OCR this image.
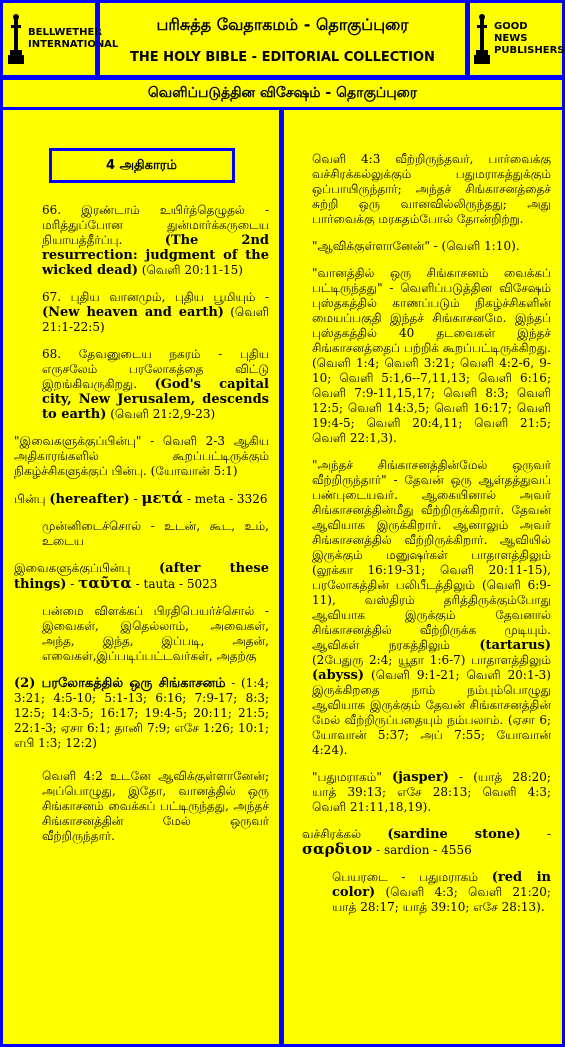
BELLWETHER INTERNATIONAL
பரிசுத்த வேதாகமம் - தொகுப்புரை
THE HOLY BIBLE - EDITORIAL COLLECTION
GOOD NEWS PUBLISHERS
வெளிப்படுத்தின விசேஷம் - தொகுப்புரை
4 அதிகாரம்

66. இரண்டாம் உயிர்த்தெழுதல் - மரித்துப்போன துன்மார்க்கருடைய நியாயத்தீர்ப்பு.	(The 2nd resurrection: judgment of the wicked dead) (வெளி 20:11-15)

67. புதிய வானமும், புதிய பூமியும் - (New heaven and earth) (வெளி 21:1-22:5)

68. தேவனுடைய நகரம் - புதிய எருசலேம் பரலோகத்தை விட்டு இறங்கிவருகிறது. (God's capital city, New Jerusalem, descends to earth) (வெளி 21:2,9-23)

"இவைகளுக்குப்பின்பு" - வெளி 2-3 ஆகிய அதிகாரங்களில் கூறப்பட்டிருக்கும் நிகழ்ச்சிகளுக்குப் பின்பு. (யோவான் 5:1)

பின்பு (hereafter) - μετά - meta - 3326

முன்னிடைச்சொல் - உடன், கூட, உம், உடைய

இவைகளுக்குப்பின்பு (after these things) - ταῦτα - tauta - 5023

பன்மை விளக்கப் பிரதிபெயர்ச்சொல் - இவைகள், இதெல்லாம், அவைகள், அந்த, இந்த, இப்படி, அதன், எவைகள்,இப்படிப்பட்டவர்கள், அதற்கு

(2) பரலோகத்தில் ஒரு சிங்காசனம் - (1:4; 3:21; 4:5-10; 5:1-13; 6:16; 7:9-17; 8:3; 12:5; 14:3-5; 16:17; 19:4-5; 20:11; 21:5; 22:1-3; ஏசா 6:1; தானி 7:9; எசே 1:26; 10:1; எபி 1:3; 12:2)

வெளி 4:2 உடனே ஆவிக்குள்ளானேன்; அப்பொழுது, இதோ, வானத்தில் ஒரு சிங்காசனம் வைக்கப் பட்டிருந்தது, அந்தச் சிங்காசனத்தின் மேல் ஒருவர் வீற்றிருந்தார்.

வெளி 4:3 வீற்றிருந்தவர், பார்வைக்கு வச்சிரக்கல்லுக்கும் பதுமராகத்துக்கும் ஒப்பாயிருந்தார்; அந்தச் சிங்காசனத்தைச் சுற்றி ஒரு வானவில்லிருந்தது; அது பார்வைக்கு மரகதம்போல் தோன்றிற்று.

"ஆவிக்குள்ளானேன்" - (வெளி 1:10).

"வானத்தில் ஒரு சிங்காசனம் வைக்கப் பட்டிருந்தது" - வெளிப்படுத்தின விசேஷம் புஸ்தகத்தில் காணப்படும் நிகழ்ச்சிகளின் மையப்பகுதி இந்தச் சிங்காசனமே. இந்தப் புஸ்தகத்தில் 40 தடவைகள் இந்தச் சிங்காசனத்தைப் பற்றிக் கூறப்பட்டிருக்கிறது. (வெளி 1:4; வெளி 3:21; வெளி 4:2-6, 9-10; வெளி 5:1,6--7,11,13; வெளி 6:16; வெளி 7:9-11,15,17; வெளி 8:3; வெளி 12:5; வெளி 14:3,5; வெளி 16:17; வெளி 19:4-5; வெளி 20:4,11; வெளி 21:5; வெளி 22:1,3).

"அந்தச் சிங்காசனத்தின்மேல் ஒருவர் வீற்றிருந்தார்" - தேவன் ஒரு ஆள்தத்துவப் பண்புடையவர். ஆகையினால் அவர் சிங்காசனத்தின்மீது வீற்றிருக்கிறார். தேவன் ஆவியாக இருக்கிறார். ஆனாலும் அவர் சிங்காசனத்தில் வீற்றிருக்கிறார். ஆவியில் இருக்கும் மனுஷர்கள் பாதாளத்திலும் (லூக்கா 16:19-31; வெளி 20:11-15), பரலோகத்தின் பலிபீடத்திலும் (வெளி 6:9-11), வஸ்திரம் தரித்திருக்கும்போது ஆவியாக இருக்கும் தேவனால் சிங்காசனத்தில் வீற்றிருக்க முடியும். ஆவிகள் நரகத்திலும் (tartarus) (2பேதுரு 2:4; யூதா 1:6-7) பாதாளத்திலும் (abyss) (வெளி 9:1-21; வெளி 20:1-3) இருக்கிறதை நாம் நம்பும்பொழுது ஆவியாக இருக்கும் தேவன் சிங்காசனத்தின் மேல் வீற்றிருப்பதையும் நம்பலாம். (ஏசா 6; யோவான் 5:37; அப் 7:55; யோவான் 4:24).

"பதுமராகம்" (jasper) - (யாத் 28:20; யாத் 39:13; எசே 28:13; வெளி 4:3; வெளி 21:11,18,19).

வச்சிரக்கல் (sardine stone) - σαρδιον - sardion - 4556

பெயரடை - பதுமராகம் (red in color) (வெளி 4:3; வெளி 21:20; யாத் 28:17; யாத் 39:10; எசே 28:13).
